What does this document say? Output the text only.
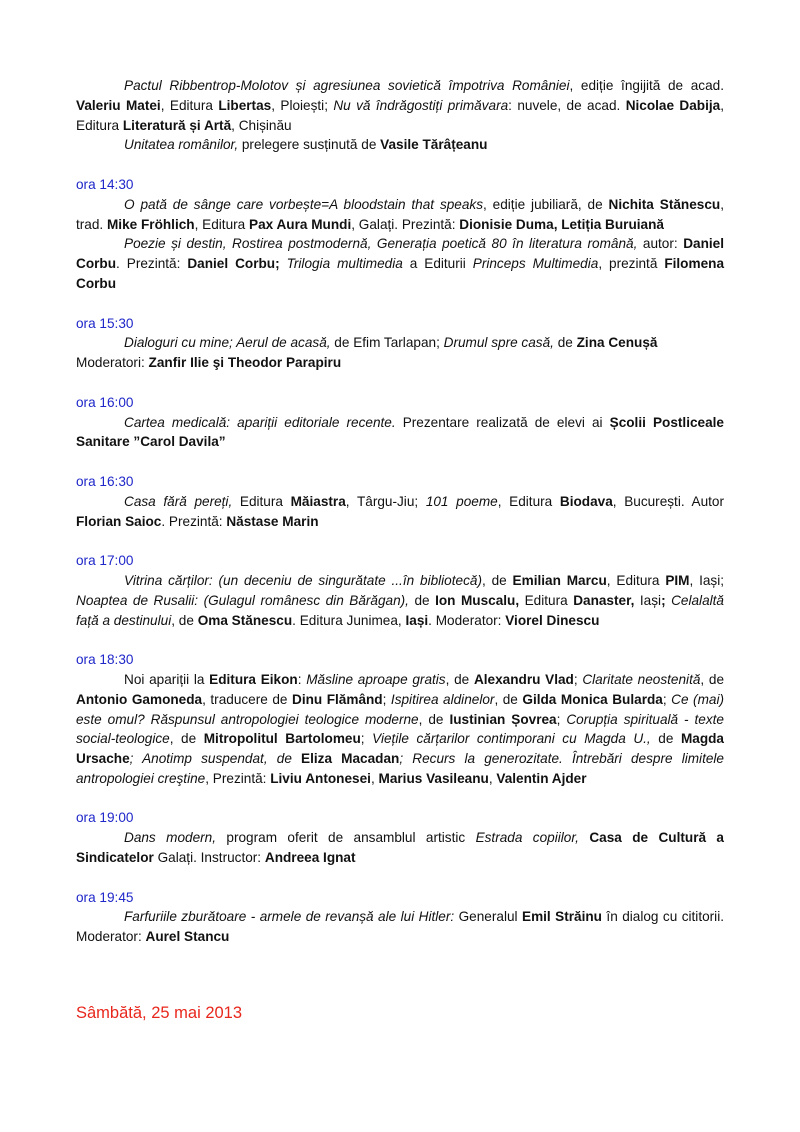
Pactul Ribbentrop-Molotov și agresiunea sovietică împotriva României, ediție îngijită de acad. Valeriu Matei, Editura Libertas, Ploiești; Nu vă îndrăgostiți primăvara: nuvele, de acad. Nicolae Dabija, Editura Literatură și Artă, Chișinău

Unitatea românilor, prelegere susținută de Vasile Tărâțeanu

ora 14:30

O pată de sânge care vorbește=A bloodstain that speaks, ediție jubiliară, de Nichita Stănescu, trad. Mike Fröhlich, Editura Pax Aura Mundi, Galați. Prezintă: Dionisie Duma, Letiția Buruiană

Poezie și destin, Rostirea postmodernă, Generația poetică 80 în literatura română, autor: Daniel Corbu. Prezintă: Daniel Corbu; Trilogia multimedia a Editurii Princeps Multimedia, prezintă Filomena Corbu

ora 15:30

Dialoguri cu mine; Aerul de acasă, de Efim Tarlapan; Drumul spre casă, de Zina Cenușă

Moderatori: Zanfir Ilie şi Theodor Parapiru

ora 16:00

Cartea medicală: apariții editoriale recente. Prezentare realizată de elevi ai Școlii Postliceale Sanitare ”Carol Davila”

ora 16:30

Casa fără pereți, Editura Măiastra, Târgu-Jiu; 101 poeme, Editura Biodava, București. Autor Florian Saioc. Prezintă: Năstase Marin

ora 17:00

Vitrina cărților: (un deceniu de singurătate ...în bibliotecă), de Emilian Marcu, Editura PIM, Iași; Noaptea de Rusalii: (Gulagul românesc din Bărăgan), de Ion Muscalu, Editura Danaster, Iași; Celalaltă față a destinului, de Oma Stănescu. Editura Junimea, Iași. Moderator: Viorel Dinescu

ora 18:30

Noi apariții la Editura Eikon: Măsline aproape gratis, de Alexandru Vlad; Claritate neostenită, de Antonio Gamoneda, traducere de Dinu Flămând; Ispitirea aldinelor, de Gilda Monica Bularda; Ce (mai) este omul? Răspunsul antropologiei teologice moderne, de Iustinian Șovrea; Corupția spirituală - texte social-teologice, de Mitropolitul Bartolomeu; Viețile cărțarilor contimporani cu Magda U., de Magda Ursache; Anotimp suspendat, de Eliza Macadan; Recurs la generozitate. Întrebări despre limitele antropologiei creştine, Prezintă: Liviu Antonesei, Marius Vasileanu, Valentin Ajder

ora 19:00

Dans modern, program oferit de ansamblul artistic Estrada copiilor, Casa de Cultură a Sindicatelor Galați. Instructor: Andreea Ignat

ora 19:45

Farfuriile zburătoare - armele de revanșă ale lui Hitler: Generalul Emil Străinu în dialog cu cititorii. Moderator: Aurel Stancu

Sâmbătă, 25 mai 2013
